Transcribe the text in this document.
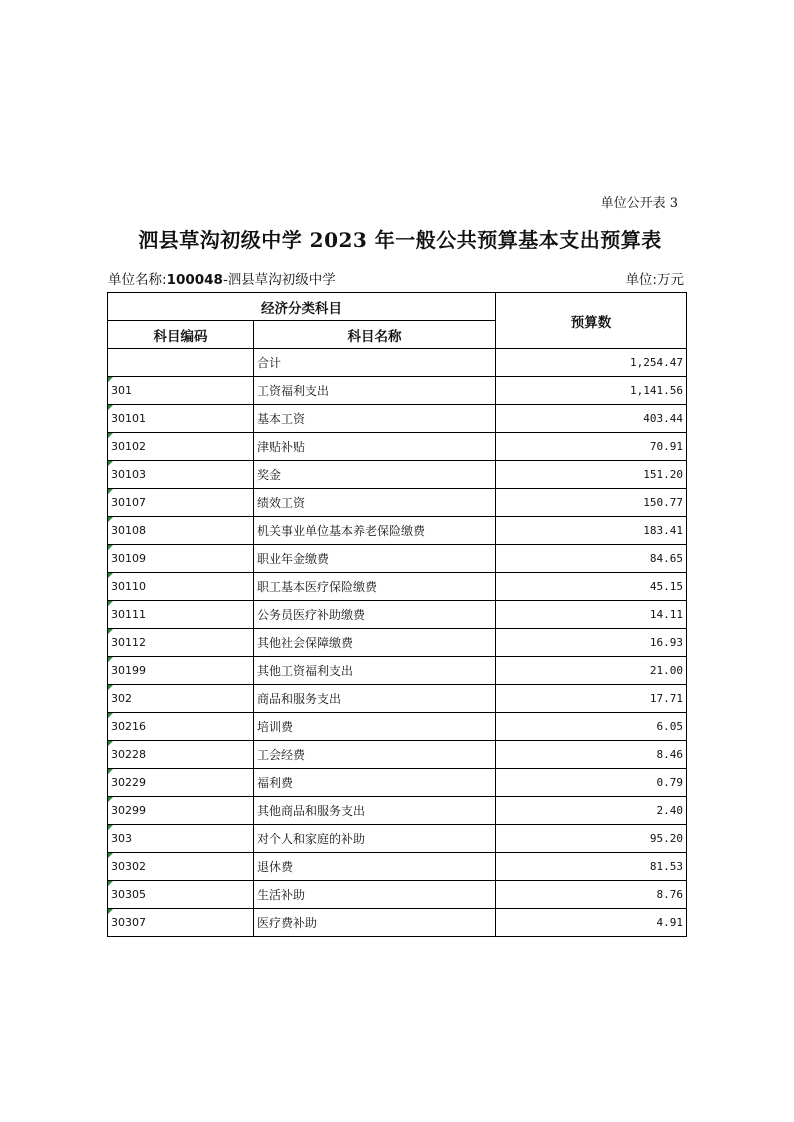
单位公开表 3
泗县草沟初级中学 2023 年一般公共预算基本支出预算表
单位名称:100048-泗县草沟初级中学	单位:万元
经济分类科目		预算数
科目编码	科目名称	
	合计	1,254.47

301	工资福利支出	1,141.56

30101	基本工资	403.44

30102	津贴补贴	70.91

30103	奖金	151.20

30107	绩效工资	150.77

30108	机关事业单位基本养老保险缴费	183.41

30109	职业年金缴费	84.65

30110	职工基本医疗保险缴费	45.15

30111	公务员医疗补助缴费	14.11

30112	其他社会保障缴费	16.93

30199	其他工资福利支出	21.00

302	商品和服务支出	17.71

30216	培训费	6.05

30228	工会经费	8.46

30229	福利费	0.79

30299	其他商品和服务支出	2.40

303	对个人和家庭的补助	95.20

30302	退休费	81.53

30305	生活补助	8.76

30307	医疗费补助	4.91
